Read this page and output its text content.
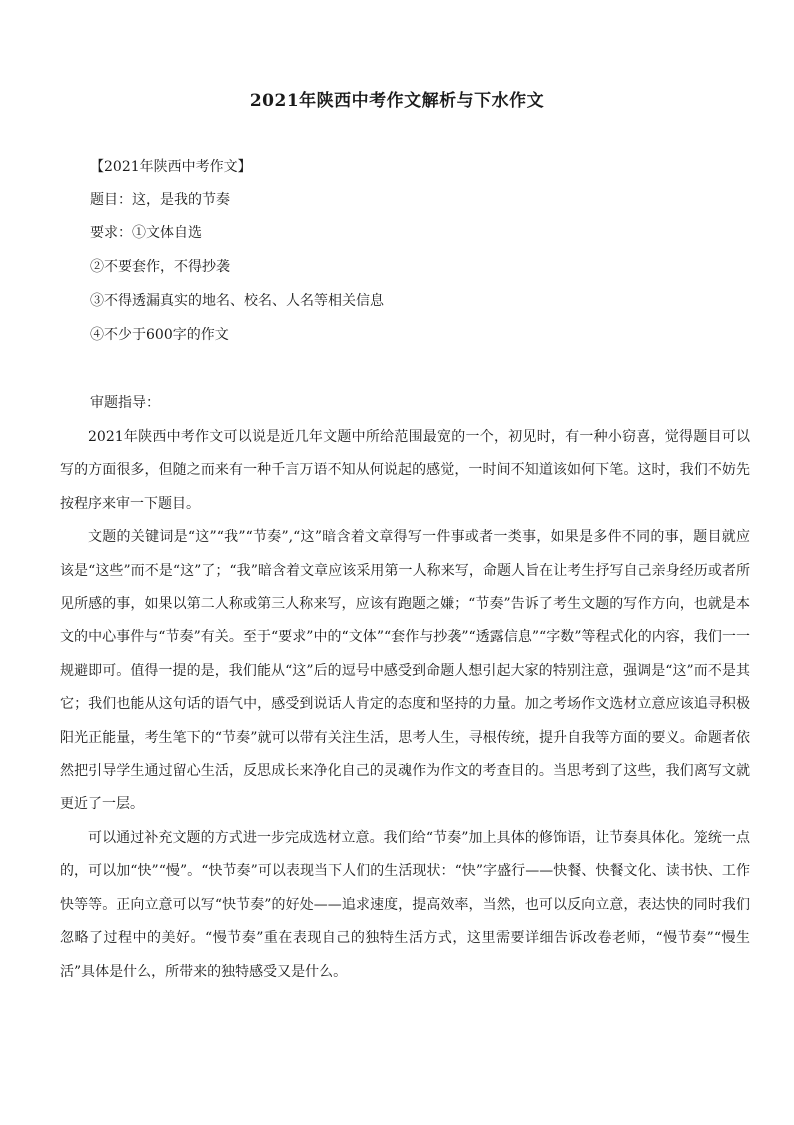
2021年陕西中考作文解析与下水作文
【2021年陕西中考作文】
题目：这，是我的节奏
要求：①文体自选
②不要套作，不得抄袭
③不得透漏真实的地名、校名、人名等相关信息
④不少于600字的作文
审题指导：

2021年陕西中考作文可以说是近几年文题中所给范围最宽的一个，初见时，有一种小窃喜，觉得题目可以写的方面很多，但随之而来有一种千言万语不知从何说起的感觉，一时间不知道该如何下笔。这时，我们不妨先按程序来审一下题目。

文题的关键词是“这”“我”“节奏”,“这”暗含着文章得写一件事或者一类事，如果是多件不同的事，题目就应该是“这些”而不是“这”了；“我”暗含着文章应该采用第一人称来写，命题人旨在让考生抒写自己亲身经历或者所见所感的事，如果以第二人称或第三人称来写，应该有跑题之嫌；“节奏”告诉了考生文题的写作方向，也就是本文的中心事件与“节奏”有关。至于“要求”中的“文体”“套作与抄袭”“透露信息”“字数”等程式化的内容，我们一一规避即可。值得一提的是，我们能从“这”后的逗号中感受到命题人想引起大家的特别注意，强调是“这”而不是其它；我们也能从这句话的语气中，感受到说话人肯定的态度和坚持的力量。加之考场作文选材立意应该追寻积极阳光正能量，考生笔下的“节奏”就可以带有关注生活，思考人生，寻根传统，提升自我等方面的要义。命题者依然把引导学生通过留心生活，反思成长来净化自己的灵魂作为作文的考查目的。当思考到了这些，我们离写文就更近了一层。

可以通过补充文题的方式进一步完成选材立意。我们给“节奏”加上具体的修饰语，让节奏具体化。笼统一点的，可以加“快”“慢”。“快节奏”可以表现当下人们的生活现状：“快”字盛行——快餐、快餐文化、读书快、工作快等等。正向立意可以写“快节奏”的好处——追求速度，提高效率，当然，也可以反向立意，表达快的同时我们忽略了过程中的美好。“慢节奏”重在表现自己的独特生活方式，这里需要详细告诉改卷老师，“慢节奏”“慢生活”具体是什么，所带来的独特感受又是什么。
